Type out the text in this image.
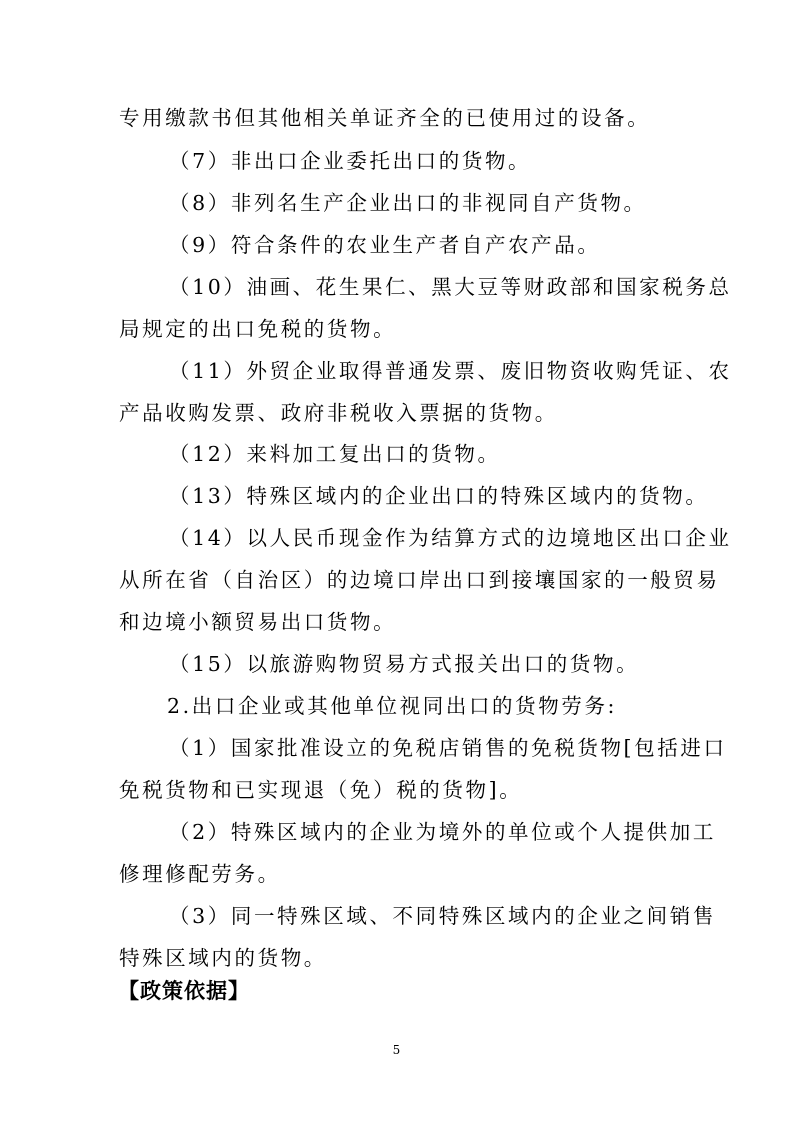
专用缴款书但其他相关单证齐全的已使用过的设备。
（7）非出口企业委托出口的货物。
（8）非列名生产企业出口的非视同自产货物。
（9）符合条件的农业生产者自产农产品。
（10）油画、花生果仁、黑大豆等财政部和国家税务总
局规定的出口免税的货物。
（11）外贸企业取得普通发票、废旧物资收购凭证、农
产品收购发票、政府非税收入票据的货物。
（12）来料加工复出口的货物。
（13）特殊区域内的企业出口的特殊区域内的货物。
（14）以人民币现金作为结算方式的边境地区出口企业
从所在省（自治区）的边境口岸出口到接壤国家的一般贸易
和边境小额贸易出口货物。
（15）以旅游购物贸易方式报关出口的货物。
2.出口企业或其他单位视同出口的货物劳务:
（1）国家批准设立的免税店销售的免税货物[包括进口
免税货物和已实现退（免）税的货物]。
（2）特殊区域内的企业为境外的单位或个人提供加工
修理修配劳务。
（3）同一特殊区域、不同特殊区域内的企业之间销售
特殊区域内的货物。
【政策依据】
5
